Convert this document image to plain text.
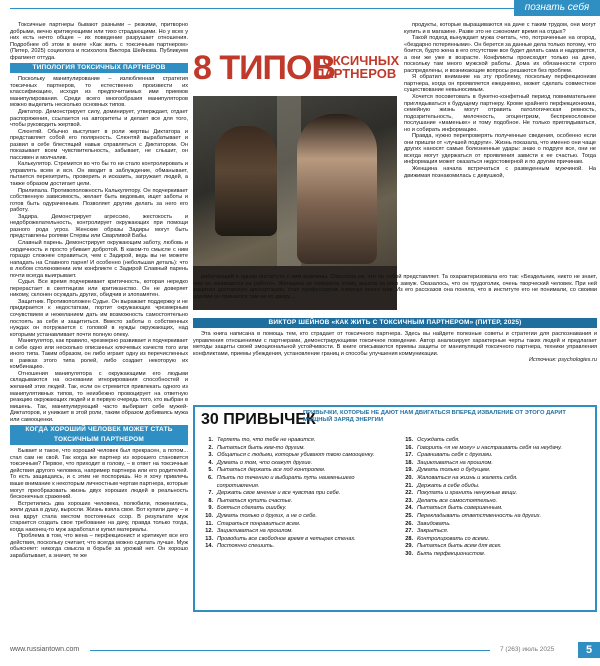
познать себя
8 ТИПОВ
ТОКСИЧНЫХ ПАРТНЕРОВ

Токсичные партнеры бывают разными – резкими, притворно добрыми, вечно критикующими или тихо страдающими. Но у всех у них есть нечто общее – их поведение разрушает отношения. Подробнее об этом в книге «Как жить с токсичным партнером» (Питер, 2025) социолога и психолога Виктора Шейнова. Публикуем фрагмент оттуда.

ТИПОЛОГИЯ ТОКСИЧНЫХ ПАРТНЕРОВ

Поскольку манипулирование – излюбленная стратегия токсичных партнеров, то естественно произвести их классификацию, исходя из предпочитаемых ими приемов манипулирования. Среди всего многообразия манипуляторов можно выделить несколько основных типов.

Диктатор. Демонстрирует силу, доминирует, утверждает, отдает распоряжения, ссылается на авторитеты и делает все для того, чтобы руководить жертвой.

Слюнтяй. Обычно выступает в роли жертвы Диктатора и представляет собой его полярность. Слюнтяй вырабатывает и развил в себе блестящий навык справляться с Диктатором. Он показывает всем чувствительность, забывает, не слышит, он пассивен и молчалив.

Калькулятор. Стремится во что бы то ни стало контролировать и управлять всем и вся. Он вводит в заблуждение, обманывает, пытается перехитрить, проверить и исказить, загружает людей, а также образом достигает цели.

Прилипала. Противоположность Калькулятору. Он подчеркивает собственную зависимость, желает быть ведомым, ищет заботы и готов быть одураченным. Позволяет другим делать за него его работу.

Задира. Демонстрирует агрессию, жестокость и недоброжелательность, контролирует окружающих при помощи разного рода угроз. Женские образы Задиры могут быть представлены ролями Стервы или Сварливой Бабы.

Славный парень. Демонстрирует окружающим заботу, любовь и сердечность и просто убивает добротой. В каком-то смысле с ним гораздо сложнее справиться, чем с Задирой, ведь вы не можете нападать на Славного парня! И особенно (небольшая деталь): что в любом столкновении или конфликте с Задирой Славный парень почти всегда выигрывает.

Судья. Все время подчеркивает критичность, которая нередко перерастает в скептицизм или критиканство. Он не доверяет никому, склонен осуждать других, обидчив и злопамятен.

Защитник. Противоположен Судье. Он выражает поддержку и не придирается к недостаткам, портит окружающих чрезмерным сочувствием и нежеланием дать им возможность самостоятельно постоять за себя и защититься. Вместо заботы о собственных нуждах он погружается с головой в нужды окружающих, над которыми устанавливает почти полную опеку.

Манипулятор, как правило, чрезмерно развивает и подчеркивает в себе одно или несколько описанных ключевых качеств того или иного типа. Таким образом, он либо играет одну из перечисленных в рамках этого типа ролей, либо создает некоторую их комбинацию.

Отношения манипулятора с окружающими его людьми складываются на основании игнорирования способностей и желаний этих людей. Так, если он стремится привлекать одного из манипулятивных типов, то неизбежно провоцирует на ответную реакцию окружающих людей и в первую очередь того, кто выбран в мишень. Так, манипулирующий часто выбирает себе мужей-Диктаторов, и унижает в этой роли, таким образом добиваясь мужа или самооценки.

КОГДА ХОРОШИЙ ЧЕЛОВЕК МОЖЕТ СТАТЬ ТОКСИЧНЫМ ПАРТНЕРОМ

Бывает и такое, что хороший человек был прекрасен, а потом... стал сам не свой. Так когда же партнер из хорошего становится токсичным? Первое, что приходит в голову, – в ответ на токсичные действия другого человека, например партнера или его родителей. То есть защищаясь, и с этим не поспоришь. Но я хочу привлечь ваше внимание к некоторым личностным чертам партнера, которые могут преобразовать жизнь двух хороших людей в реальность бесконечных сражений.

Встретились два хороших человека, полюбили, поженились, жили душа в душу, выросли. Жизнь взяла свое. Вот купили дачу – и она вдруг стала местом постоянных ссор. В результате муж старается создать свое требование на дачу, правда только тогда, когда наконец-то муж заработал и купил материалы.

Проблема в том, что жена – перфекционист и критикует все его действия, поскольку считает, что всегда можно сделать лучше. Муж обьясняет: никогда смысла в борьбе за урожай нет. Он хорошо зарабатывает, а значит, те же

продукты, которые выращиваются на даче с таким трудом, они могут купить и в магазине. Разве это не сэкономит время на отдых?

Такой подход вынуждает мужа считать, что, потраченные на огород, «бездарно потерянными». Он берется за данные дела только потому, что боится, будто жена в его отсутствие все будет делать сама и надорвется, а они же уже в возрасте. Конфликты происходят только на даче, поскольку там много мужской работы. Дома их обязанности строго распределены, и возникающие вопросы решаются без проблем.

Я обратил внимание на эту проблему, поскольку перфекционизм партнера, когда он проявляется ежедневно, может сделать совместное существование невыносимым.

Хочется посоветовать в букетно-конфетный период повнимательнее приглядываться к будущему партнеру. Кроме крайнего перфекционизма, семейную жизнь могут отравить патологическая ревность, подозрительность, мелочность, эгоцентризм, беспрекословное послушание «маменьке» и тому подобное. Не только приглядываться, но и собирать информацию.

Правда, нужно перепроверять полученные сведения, особенно если они пришли от «лучшей подруги». Жизнь показала, что именно они чаще других наносят самые болезненные удары: знаю о подруге все, они не всегда могут удержаться от проявления зависти к ее счастью. Тогда информация может оказаться недостоверной и по другим причинам.

Женщина начала встречаться с разведенным мужчиной. На движимая познакомилась с девушкой,

работающей в одном институте с ним мужчины. Спросила ее, что он собой представляет. Та охарактеризовала его так: «Бездельник, никто не знает, чем он занимается на работе». Женщина не поверила этому, вышла за него замуж. Оказалось, что он трудоголик, очень творческий человек. При ней защитил докторскую диссертацию, стал профессором, написал много книг. Из его рассказов она поняла, что в институте его не понимали, со своими идеями он пришелся там не ко двору…

ВИКТОР ШЕЙНОВ «КАК ЖИТЬ С ТОКСИЧНЫМ ПАРТНЕРОМ» (ПИТЕР, 2025)

Эта книга написана в помощь тем, кто страдает от токсичного партнера. Здесь вы найдете полезные советы и стратегии для распознавания и управления отношениями с партнерами, демонстрирующими токсичное поведение. Автор анализирует характерные черты таких людей и предлагает методы защиты своей эмоциональной устойчивости. В книге описываются приемы защиты от манипуляций токсичного партнера, техники управления конфликтами, приемы убеждения, установление границ и способы улучшения коммуникации.

Источник: psychologies.ru
30 ПРИВЫЧЕК
ПРИВЫЧКИ, КОТОРЫЕ НЕ ДАЮТ НАМ ДВИГАТЬСЯ ВПЕРЕД ИЗВАЛЕНИЕ ОТ ЭТОГО ДАРИТ МОЩНЫЙ ЗАРЯД ЭНЕРГИИ
1. Терпеть то, что тебе не нравится.
2. Пытаться быть кем-то другим.
3. Общаться с людьми, которые убивают твою самооценку.
4. Думать о том, что скажут другие.
5. Пытаться держать все под контролем.
6. Плыть по течению и выбирать путь наименьшего сопротивления.
7. Держать свое мнение и все чувства при себе.
8. Пытаться купить счастье.
9. Бояться сделать ошибку.
10. Думать только о других, а не о себе.
11. Стараться понравиться всем.
12. Зацикливаться на прошлом.
13. Проводить все свободное время в четырех стенах.
14. Постоянно спешить.
15. Осуждать себя.
16. Говорить «я не могу» и настраивать себя на неудачу.
17. Сравнивать себя с другими.
18. Зацикливаться на прошлом.
19. Думать только о будущем.
20. Жаловаться на жизнь и жалеть себя.
21. Держать в себе обиды.
22. Покупать и хранить ненужные вещи.
23. Делать все самостоятельно.
24. Пытаться быть совершенным.
25. Перекладывать ответственность на других.
26. Завидовать.
27. Закрыться.
28. Контролировать со всеми.
29. Пытаться быть всем для всех.
30. Быть перфекционистом.
www.russiantown.com	7 (263) июль 2025	5
